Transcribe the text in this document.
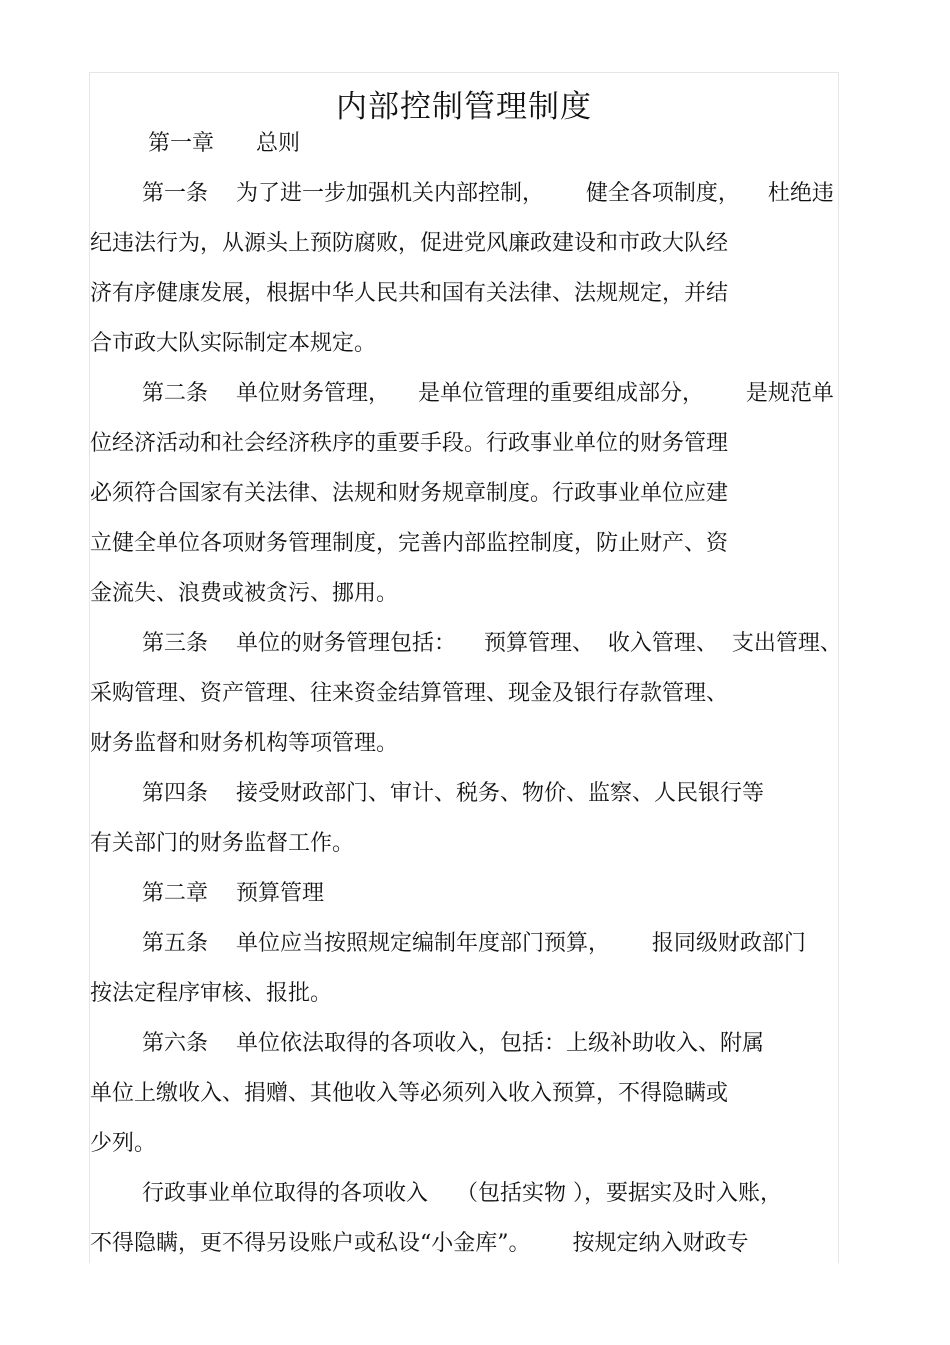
内部控制管理制度
第一章      总则
第一条    为了进一步加强机关内部控制，      健全各项制度，    杜绝违
纪违法行为，从源头上预防腐败，促进党风廉政建设和市政大队经
济有序健康发展，根据中华人民共和国有关法律、法规规定，并结
合市政大队实际制定本规定。
第二条    单位财务管理，    是单位管理的重要组成部分，      是规范单
位经济活动和社会经济秩序的重要手段。行政事业单位的财务管理
必须符合国家有关法律、法规和财务规章制度。行政事业单位应建
立健全单位各项财务管理制度，完善内部监控制度，防止财产、资
金流失、浪费或被贪污、挪用。
第三条    单位的财务管理包括：    预算管理、  收入管理、  支出管理、
采购管理、资产管理、往来资金结算管理、现金及银行存款管理、
财务监督和财务机构等项管理。
第四条    接受财政部门、审计、税务、物价、监察、人民银行等
有关部门的财务监督工作。
第二章    预算管理
第五条    单位应当按照规定编制年度部门预算，      报同级财政部门
按法定程序审核、报批。
第六条    单位依法取得的各项收入，包括：上级补助收入、附属
单位上缴收入、捐赠、其他收入等必须列入收入预算，不得隐瞒或
少列。
行政事业单位取得的各项收入    （包括实物 ），要据实及时入账，
不得隐瞒，更不得另设账户或私设“小金库”。      按规定纳入财政专
